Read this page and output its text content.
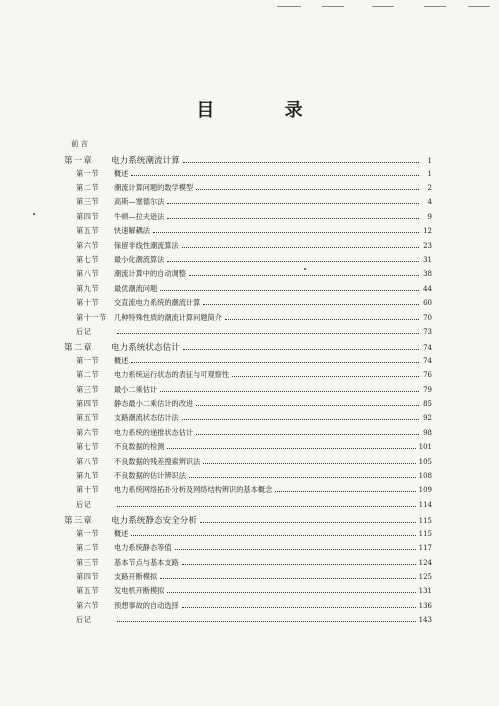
目 录
前言
第一章	电力系统潮流计算	1
第一节	概述	1
第二节	潮流计算问题的数学模型	2
第三节	高斯—塞德尔法	4
第四节	牛顿—拉夫逊法	9
第五节	快速解耦法	12
第六节	保留非线性潮流算法	23
第七节	最小化潮流算法	31
第八节	潮流计算中的自动调整	38
第九节	最优潮流问题	44
第十节	交直流电力系统的潮流计算	60
第十一节	几种特殊性质的潮流计算问题简介	70
后记	73
第二章	电力系统状态估计	74
第一节	概述	74
第二节	电力系统运行状态的表征与可观察性	76
第三节	最小二乘估计	79
第四节	静态最小二乘估计的改进	85
第五节	支路潮流状态估计法	92
第六节	电力系统的递推状态估计	98
第七节	不良数据的检测	101
第八节	不良数据的残差搜索辨识法	105
第九节	不良数据的估计辨识法	108
第十节	电力系统网络拓扑分析及网络结构辨识的基本概念	109
后记	114
第三章	电力系统静态安全分析	115
第一节	概述	115
第二节	电力系统静态等值	117
第三节	基本节点与基本支路	124
第四节	支路开断模拟	125
第五节	发电机开断模拟	131
第六节	预想事故的自动选择	136
后记	143
